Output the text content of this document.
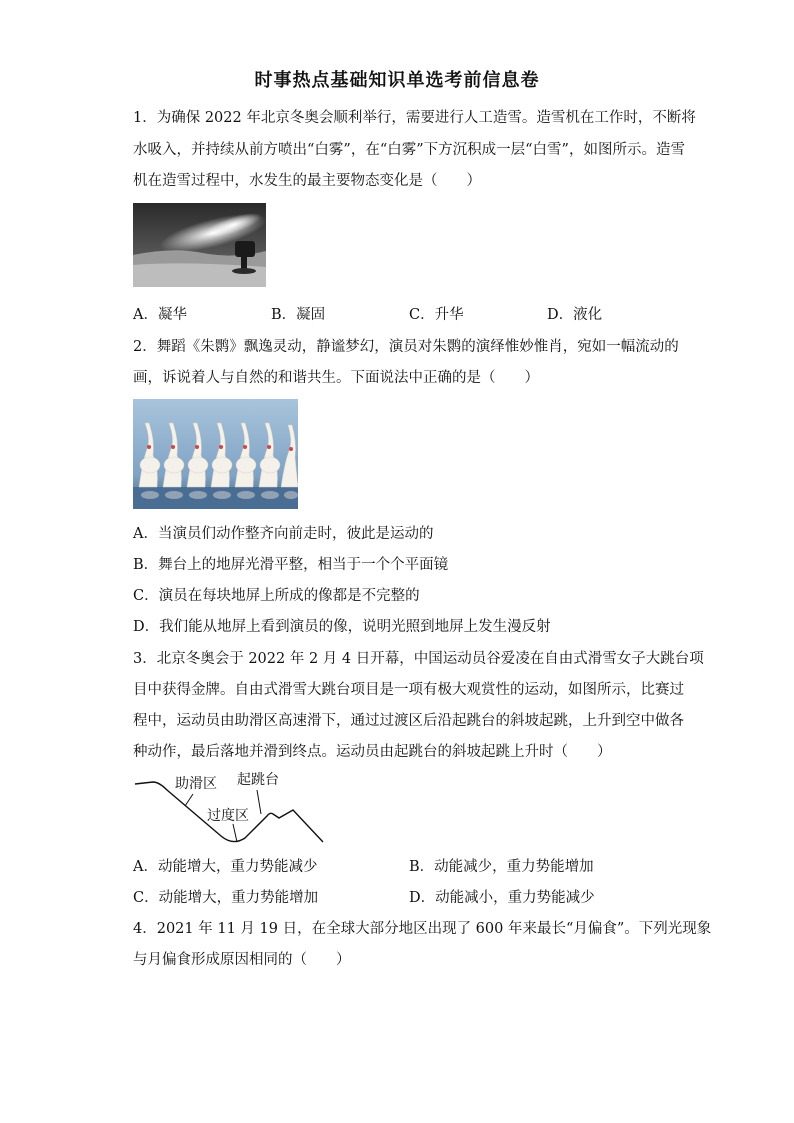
时事热点基础知识单选考前信息卷
1．为确保 2022 年北京冬奥会顺利举行，需要进行人工造雪。造雪机在工作时，不断将
水吸入，并持续从前方喷出“白雾”，在“白雾”下方沉积成一层“白雪”，如图所示。造雪
机在造雪过程中，水发生的最主要物态变化是（　　）
A．凝华	B．凝固	C．升华	D．液化
2．舞蹈《朱鹮》飘逸灵动，静谧梦幻，演员对朱鹮的演绎惟妙惟肖，宛如一幅流动的
画，诉说着人与自然的和谐共生。下面说法中正确的是（　　）
A．当演员们动作整齐向前走时，彼此是运动的
B．舞台上的地屏光滑平整，相当于一个个平面镜
C．演员在每块地屏上所成的像都是不完整的
D．我们能从地屏上看到演员的像，说明光照到地屏上发生漫反射
3．北京冬奥会于 2022 年 2 月 4 日开幕，中国运动员谷爱凌在自由式滑雪女子大跳台项
目中获得金牌。自由式滑雪大跳台项目是一项有极大观赏性的运动，如图所示，比赛过
程中，运动员由助滑区高速滑下，通过过渡区后沿起跳台的斜坡起跳，上升到空中做各
种动作，最后落地并滑到终点。运动员由起跳台的斜坡起跳上升时（　　）
助滑区 起跳台
过度区
A．动能增大，重力势能减少	B．动能减少，重力势能增加
C．动能增大，重力势能增加	D．动能减小，重力势能减少
4．2021 年 11 月 19 日，在全球大部分地区出现了 600 年来最长“月偏食”。下列光现象
与月偏食形成原因相同的（　　）
